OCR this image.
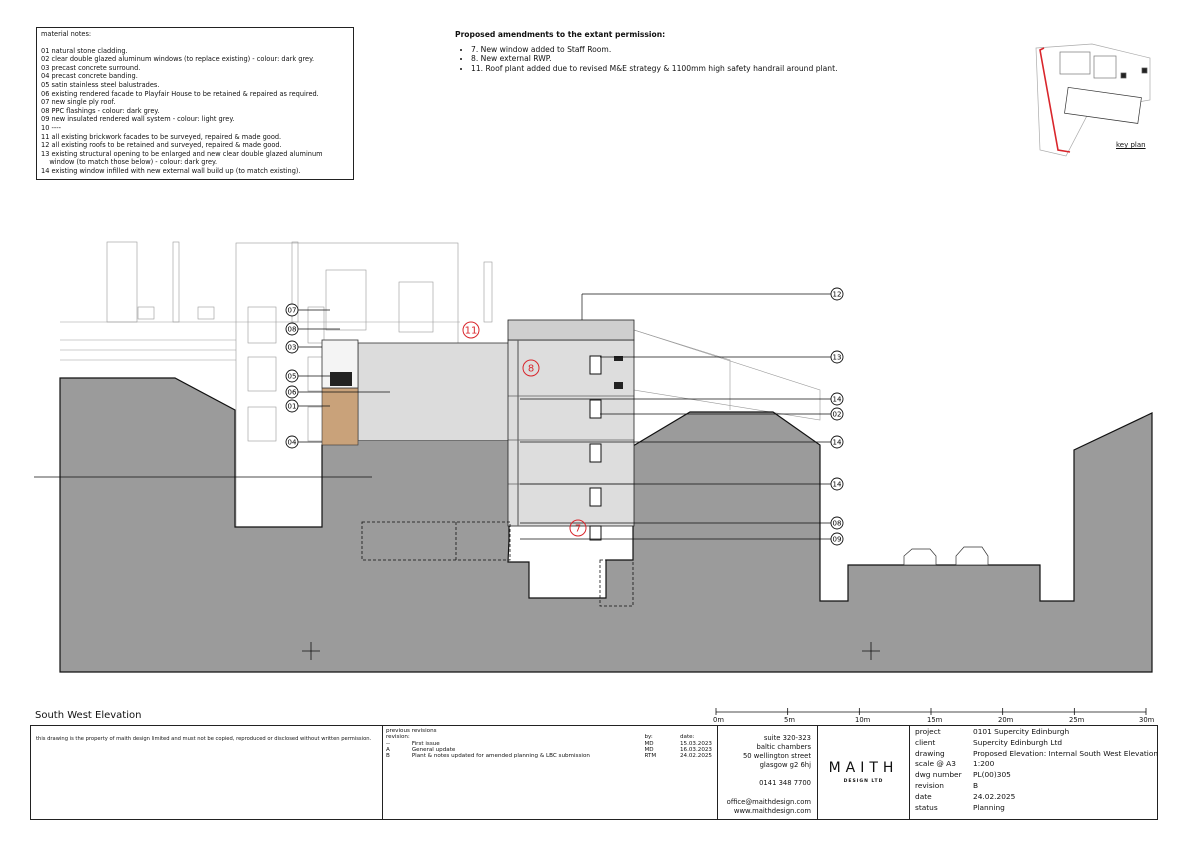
material notes:
01 natural stone cladding.
02 clear double glazed aluminum windows (to replace existing) - colour: dark grey.
03 precast concrete surround.
04 precast concrete banding.
05 satin stainless steel balustrades.
06 existing rendered facade to Playfair House to be retained & repaired as required.
07 new single ply roof.
08 PPC flashings - colour: dark grey.
09 new insulated rendered wall system - colour: light grey.
10 ----
11 all existing brickwork facades to be surveyed, repaired & made good.
12 all existing roofs to be retained and surveyed, repaired & made good.
13 existing structural opening to be enlarged and new clear double glazed aluminum
window (to match those below) - colour: dark grey.
14 existing window infilled with new external wall build up (to match existing).
Proposed amendments to the extant permission:
• 7. New window added to Staff Room.
• 8. New external RWP.
• 11. Roof plant added due to revised M&E strategy & 1100mm high safety handrail around plant.
07
08
03
05
06
01
04
12
13
14
02
14
14
08
09
11
8
7
key plan
0m	5m	10m	15m	20m	25m	30m
South West Elevation
this drawing is the property of maith design limited and must not be copied, reproduced or disclosed without written permission.
previous revisions
revision:		by:	date:
--	First issue	MD	15.03.2023
A	General update	MD	16.03.2023
B	Plant & notes updated for amended planning & LBC submission	RTM	24.02.2025
suite 320-323
baltic chambers
50 wellington street
glasgow g2 6hj
0141 348 7700
office@maithdesign.com
www.maithdesign.com
MAITH
DESIGN LTD
project	0101 Supercity Edinburgh
client	Supercity Edinburgh Ltd
drawing	Proposed Elevation: Internal South West Elevation
scale @ A3	1:200
dwg number	PL(00)305
revision	B
date	24.02.2025
status	Planning
